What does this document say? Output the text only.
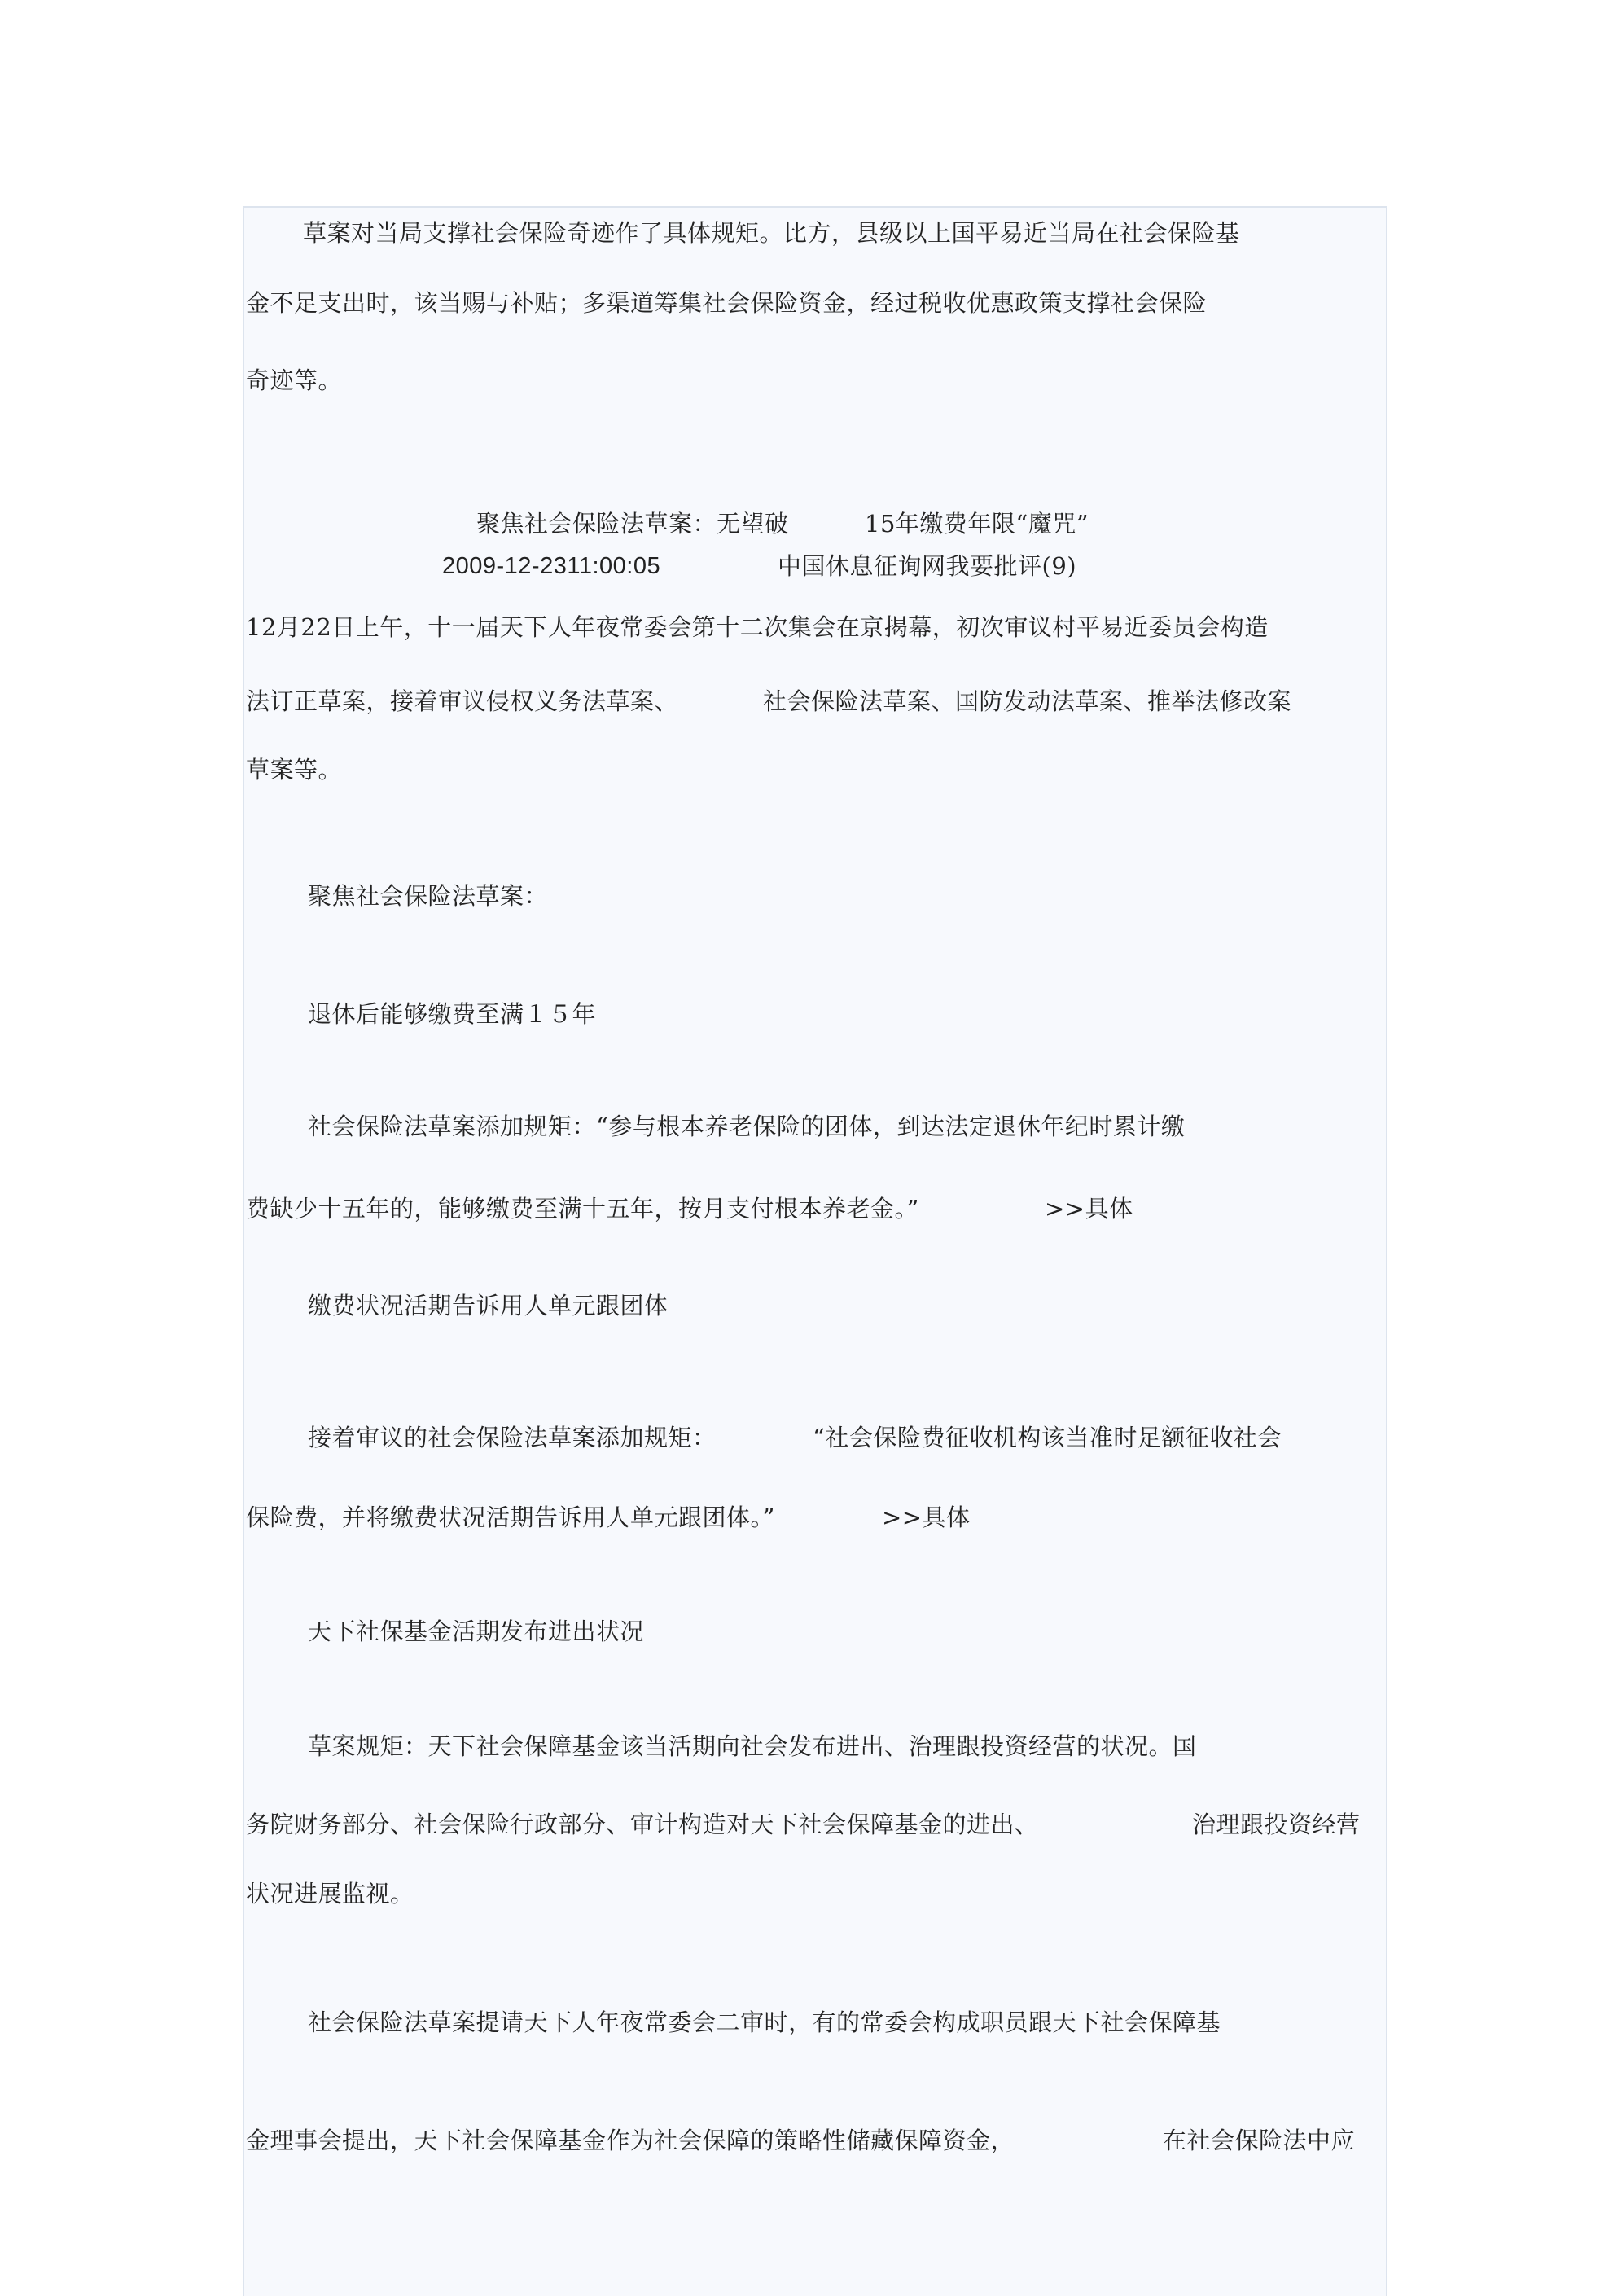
草案对当局支撑社会保险奇迹作了具体规矩。比方，县级以上国平易近当局在社会保险基
金不足支出时，该当赐与补贴；多渠道筹集社会保险资金，经过税收优惠政策支撑社会保险
奇迹等。
聚焦社会保险法草案：无望破	15年缴费年限“魔咒”
2009-12-2311:00:05	中国休息征询网我要批评(9)
12月22日上午，十一届天下人年夜常委会第十二次集会在京揭幕，初次审议村平易近委员会构造
法订正草案，接着审议侵权义务法草案、	社会保险法草案、国防发动法草案、推举法修改案
草案等。
聚焦社会保险法草案：
退休后能够缴费至满１５年
社会保险法草案添加规矩：“参与根本养老保险的团体，到达法定退休年纪时累计缴
费缺少十五年的，能够缴费至满十五年，按月支付根本养老金。”	>>具体
缴费状况活期告诉用人单元跟团体
接着审议的社会保险法草案添加规矩：	“社会保险费征收机构该当准时足额征收社会
保险费，并将缴费状况活期告诉用人单元跟团体。”	>>具体
天下社保基金活期发布进出状况
草案规矩：天下社会保障基金该当活期向社会发布进出、治理跟投资经营的状况。国
务院财务部分、社会保险行政部分、审计构造对天下社会保障基金的进出、	治理跟投资经营
状况进展监视。
社会保险法草案提请天下人年夜常委会二审时，有的常委会构成职员跟天下社会保障基
金理事会提出，天下社会保障基金作为社会保障的策略性储藏保障资金，	在社会保险法中应
